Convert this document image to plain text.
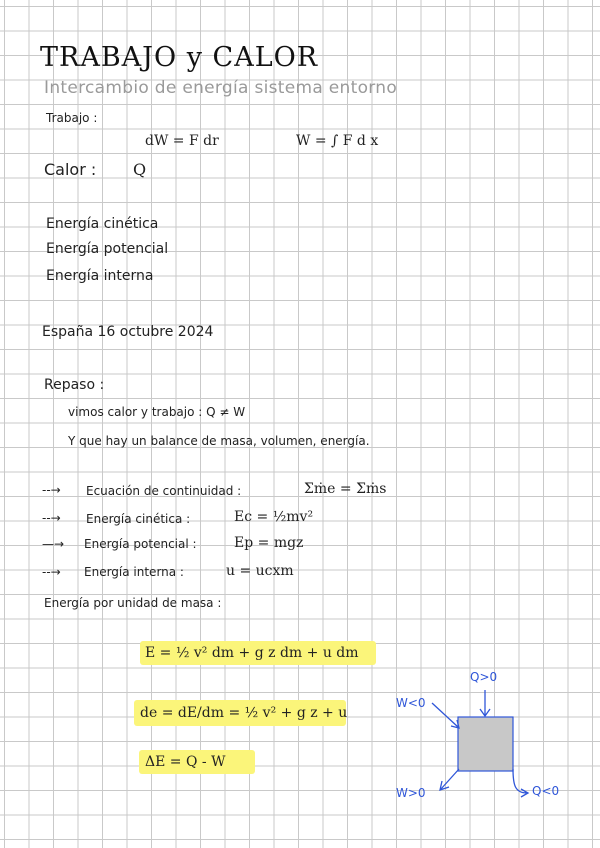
TRABAJO y CALOR
Intercambio de energía sistema entorno
Trabajo :
dW = F dr	W = ∫ F d x
Calor : Q
Energía cinética
Energía potencial
Energía interna
España 16 octubre 2024
Repaso :
vimos calor y trabajo : Q ≠ W
Y que hay un balance de masa, volumen, energía.
--→ Ecuación de continuidad :	Σṁe = Σṁs
--→ Energía cinética :	Ec = ½mv²
—→ Energía potencial :	Ep = mgz
--→ Energía interna :	u = ucxm
Energía por unidad de masa :
E = ½ v² dm + g z dm + u dm
de = dE/dm = ½ v² + g z + u
ΔE = Q - W
Q>0
W<0
W>0	Q<0
